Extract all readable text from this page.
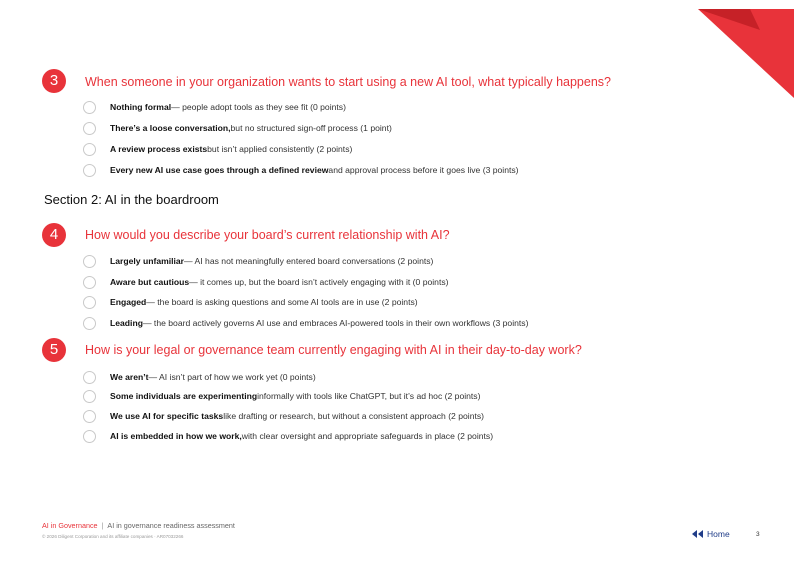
3	When someone in your organization wants to start using a new AI tool, what typically happens?
Nothing formal — people adopt tools as they see fit (0 points)
There’s a loose conversation, but no structured sign-off process (1 point)
A review process exists but isn’t applied consistently (2 points)
Every new AI use case goes through a defined review and approval process before it goes live (3 points)
Section 2: AI in the boardroom
4	How would you describe your board’s current relationship with AI?
Largely unfamiliar — AI has not meaningfully entered board conversations (2 points)
Aware but cautious — it comes up, but the board isn’t actively engaging with it (0 points)
Engaged — the board is asking questions and some AI tools are in use (2 points)
Leading — the board actively governs AI use and embraces AI-powered tools in their own workflows (3 points)
5	How is your legal or governance team currently engaging with AI in their day-to-day work?
We aren’t — AI isn’t part of how we work yet (0 points)
Some individuals are experimenting informally with tools like ChatGPT, but it’s ad hoc (2 points)
We use AI for specific tasks like drafting or research, but without a consistent approach (2 points)
AI is embedded in how we work, with clear oversight and appropriate safeguards in place (2 points)
AI in Governance | AI in governance readiness assessment
© 2026 Diligent Corporation and its affiliate companies · AR07032266	Home	3
